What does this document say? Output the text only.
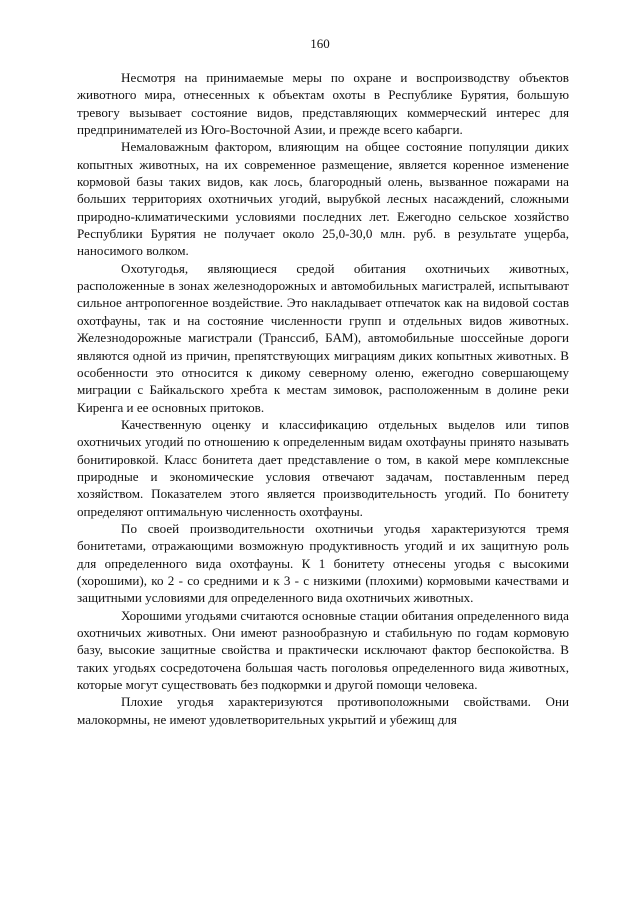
160

Несмотря на принимаемые меры по охране и воспроизводству объектов животного мира, отнесенных к объектам охоты в Республике Бурятия, большую тревогу вызывает состояние видов, представляющих коммерческий интерес для предпринимателей из Юго-Восточной Азии, и прежде всего кабарги.

Немаловажным фактором, влияющим на общее состояние популяции диких копытных животных, на их современное размещение, является коренное изменение кормовой базы таких видов, как лось, благородный олень, вызванное пожарами на больших территориях охотничьих угодий, вырубкой лесных насаждений, сложными природно-климатическими условиями последних лет. Ежегодно сельское хозяйство Республики Бурятия не получает около 25,0-30,0 млн. руб. в результате ущерба, наносимого волком.

Охотугодья, являющиеся средой обитания охотничьих животных, расположенные в зонах железнодорожных и автомобильных магистралей, испытывают сильное антропогенное воздействие. Это накладывает отпечаток как на видовой состав охотфауны, так и на состояние численности групп и отдельных видов животных. Железнодорожные магистрали (Транссиб, БАМ), автомобильные шоссейные дороги являются одной из причин, препятствующих миграциям диких копытных животных. В особенности это относится к дикому северному оленю, ежегодно совершающему миграции с Байкальского хребта к местам зимовок, расположенным в долине реки Киренга и ее основных притоков.

Качественную оценку и классификацию отдельных выделов или типов охотничьих угодий по отношению к определенным видам охотфауны принято называть бонитировкой. Класс бонитета дает представление о том, в какой мере комплексные природные и экономические условия отвечают задачам, поставленным перед хозяйством. Показателем этого является производительность угодий. По бонитету определяют оптимальную численность охотфауны.

По своей производительности охотничьи угодья характеризуются тремя бонитетами, отражающими возможную продуктивность угодий и их защитную роль для определенного вида охотфауны. К 1 бонитету отнесены угодья с высокими (хорошими), ко 2 - со средними и к 3 - с низкими (плохими) кормовыми качествами и защитными условиями для определенного вида охотничьих животных.

Хорошими угодьями считаются основные стации обитания определенного вида охотничьих животных. Они имеют разнообразную и стабильную по годам кормовую базу, высокие защитные свойства и практически исключают фактор беспокойства. В таких угодьях сосредоточена большая часть поголовья определенного вида животных, которые могут существовать без подкормки и другой помощи человека.

Плохие угодья характеризуются противоположными свойствами. Они малокормны, не имеют удовлетворительных укрытий и убежищ для
